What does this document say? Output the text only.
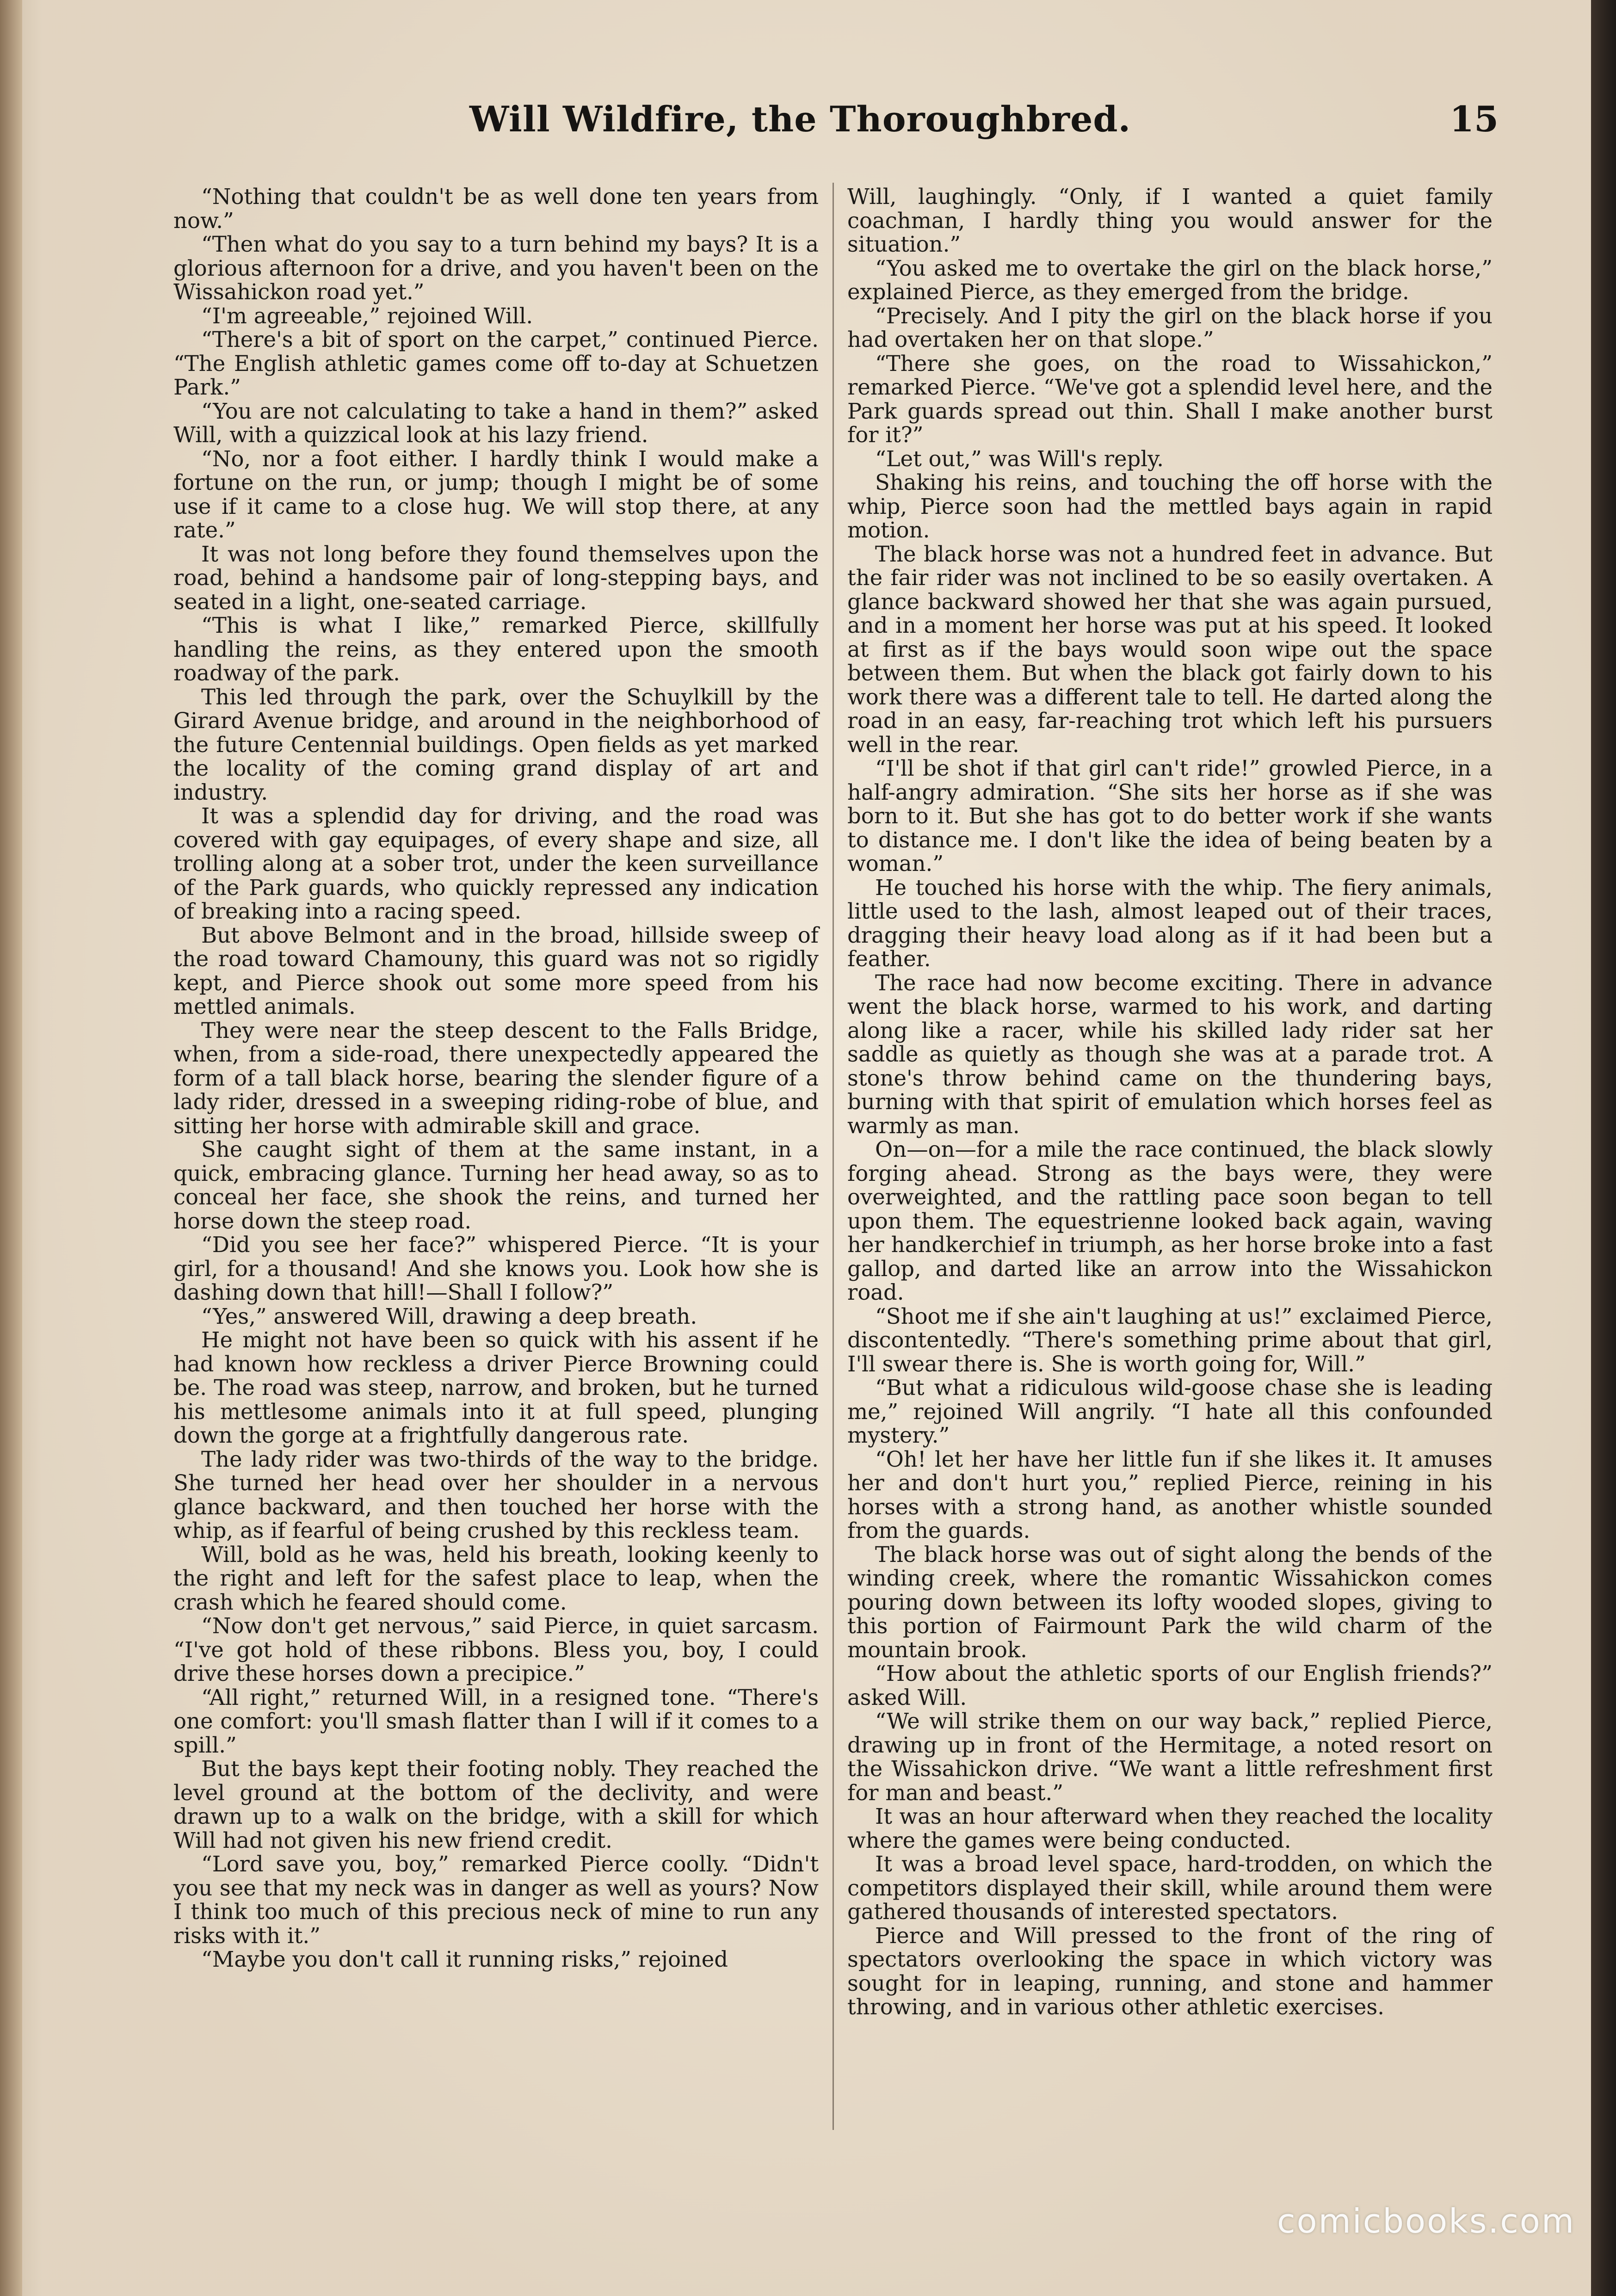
Will Wildfire, the Thoroughbred.	15

“Nothing that couldn't be as well done ten years from now.”

“Then what do you say to a turn behind my bays? It is a glorious afternoon for a drive, and you haven't been on the Wissahickon road yet.”

“I'm agreeable,” rejoined Will.

“There's a bit of sport on the carpet,” continued Pierce. “The English athletic games come off to-day at Schuetzen Park.”

“You are not calculating to take a hand in them?” asked Will, with a quizzical look at his lazy friend.

“No, nor a foot either. I hardly think I would make a fortune on the run, or jump; though I might be of some use if it came to a close hug. We will stop there, at any rate.”

It was not long before they found themselves upon the road, behind a handsome pair of long-stepping bays, and seated in a light, one-seated carriage.

“This is what I like,” remarked Pierce, skillfully handling the reins, as they entered upon the smooth roadway of the park.

This led through the park, over the Schuylkill by the Girard Avenue bridge, and around in the neighborhood of the future Centennial buildings. Open fields as yet marked the locality of the coming grand display of art and industry.

It was a splendid day for driving, and the road was covered with gay equipages, of every shape and size, all trolling along at a sober trot, under the keen surveillance of the Park guards, who quickly repressed any indication of breaking into a racing speed.

But above Belmont and in the broad, hillside sweep of the road toward Chamouny, this guard was not so rigidly kept, and Pierce shook out some more speed from his mettled animals.

They were near the steep descent to the Falls Bridge, when, from a side-road, there unexpectedly appeared the form of a tall black horse, bearing the slender figure of a lady rider, dressed in a sweeping riding-robe of blue, and sitting her horse with admirable skill and grace.

She caught sight of them at the same instant, in a quick, embracing glance. Turning her head away, so as to conceal her face, she shook the reins, and turned her horse down the steep road.

“Did you see her face?” whispered Pierce. “It is your girl, for a thousand! And she knows you. Look how she is dashing down that hill!—Shall I follow?”

“Yes,” answered Will, drawing a deep breath.

He might not have been so quick with his assent if he had known how reckless a driver Pierce Browning could be. The road was steep, narrow, and broken, but he turned his mettlesome animals into it at full speed, plunging down the gorge at a frightfully dangerous rate.

The lady rider was two-thirds of the way to the bridge. She turned her head over her shoulder in a nervous glance backward, and then touched her horse with the whip, as if fearful of being crushed by this reckless team.

Will, bold as he was, held his breath, looking keenly to the right and left for the safest place to leap, when the crash which he feared should come.

“Now don't get nervous,” said Pierce, in quiet sarcasm. “I've got hold of these ribbons. Bless you, boy, I could drive these horses down a precipice.”

“All right,” returned Will, in a resigned tone. “There's one comfort: you'll smash flatter than I will if it comes to a spill.”

But the bays kept their footing nobly. They reached the level ground at the bottom of the declivity, and were drawn up to a walk on the bridge, with a skill for which Will had not given his new friend credit.

“Lord save you, boy,” remarked Pierce coolly. “Didn't you see that my neck was in danger as well as yours? Now I think too much of this precious neck of mine to run any risks with it.”

“Maybe you don't call it running risks,” rejoined

Will, laughingly. “Only, if I wanted a quiet family coachman, I hardly thing you would answer for the situation.”

“You asked me to overtake the girl on the black horse,” explained Pierce, as they emerged from the bridge.

“Precisely. And I pity the girl on the black horse if you had overtaken her on that slope.”

“There she goes, on the road to Wissahickon,” remarked Pierce. “We've got a splendid level here, and the Park guards spread out thin. Shall I make another burst for it?”

“Let out,” was Will's reply.

Shaking his reins, and touching the off horse with the whip, Pierce soon had the mettled bays again in rapid motion.

The black horse was not a hundred feet in advance. But the fair rider was not inclined to be so easily overtaken. A glance backward showed her that she was again pursued, and in a moment her horse was put at his speed. It looked at first as if the bays would soon wipe out the space between them. But when the black got fairly down to his work there was a different tale to tell. He darted along the road in an easy, far-reaching trot which left his pursuers well in the rear.

“I'll be shot if that girl can't ride!” growled Pierce, in a half-angry admiration. “She sits her horse as if she was born to it. But she has got to do better work if she wants to distance me. I don't like the idea of being beaten by a woman.”

He touched his horse with the whip. The fiery animals, little used to the lash, almost leaped out of their traces, dragging their heavy load along as if it had been but a feather.

The race had now become exciting. There in advance went the black horse, warmed to his work, and darting along like a racer, while his skilled lady rider sat her saddle as quietly as though she was at a parade trot. A stone's throw behind came on the thundering bays, burning with that spirit of emulation which horses feel as warmly as man.

On—on—for a mile the race continued, the black slowly forging ahead. Strong as the bays were, they were overweighted, and the rattling pace soon began to tell upon them. The equestrienne looked back again, waving her handkerchief in triumph, as her horse broke into a fast gallop, and darted like an arrow into the Wissahickon road.

“Shoot me if she ain't laughing at us!” exclaimed Pierce, discontentedly. “There's something prime about that girl, I'll swear there is. She is worth going for, Will.”

“But what a ridiculous wild-goose chase she is leading me,” rejoined Will angrily. “I hate all this confounded mystery.”

“Oh! let her have her little fun if she likes it. It amuses her and don't hurt you,” replied Pierce, reining in his horses with a strong hand, as another whistle sounded from the guards.

The black horse was out of sight along the bends of the winding creek, where the romantic Wissahickon comes pouring down between its lofty wooded slopes, giving to this portion of Fairmount Park the wild charm of the mountain brook.

“How about the athletic sports of our English friends?” asked Will.

“We will strike them on our way back,” replied Pierce, drawing up in front of the Hermitage, a noted resort on the Wissahickon drive. “We want a little refreshment first for man and beast.”

It was an hour afterward when they reached the locality where the games were being conducted.

It was a broad level space, hard-trodden, on which the competitors displayed their skill, while around them were gathered thousands of interested spectators.

Pierce and Will pressed to the front of the ring of spectators overlooking the space in which victory was sought for in leaping, running, and stone and hammer throwing, and in various other athletic exercises.

comicbooks.com
